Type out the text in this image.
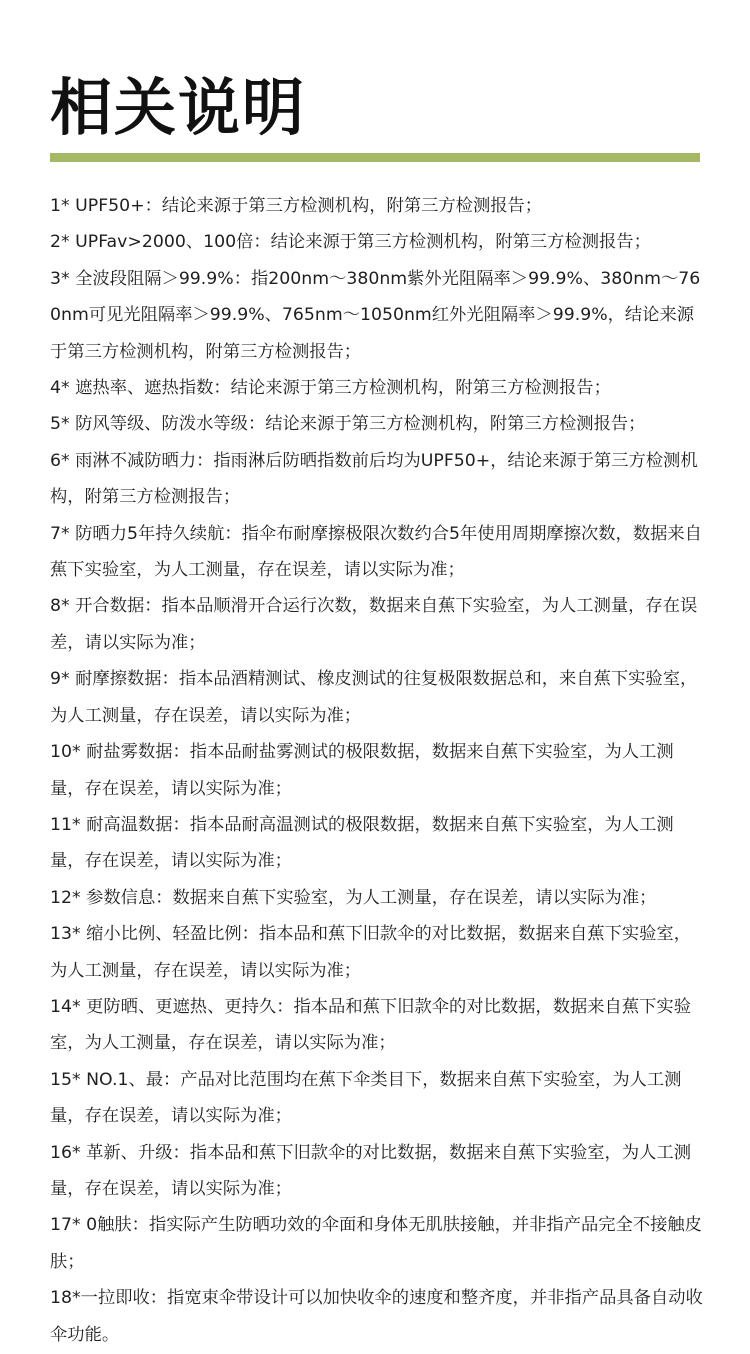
相关说明
1* UPF50+：结论来源于第三方检测机构，附第三方检测报告；
2* UPFav>2000、100倍：结论来源于第三方检测机构，附第三方检测报告；
3* 全波段阻隔＞99.9%：指200nm～380nm紫外光阻隔率＞99.9%、380nm～760nm可见光阻隔率＞99.9%、765nm～1050nm红外光阻隔率＞99.9%，结论来源于第三方检测机构，附第三方检测报告；
4* 遮热率、遮热指数：结论来源于第三方检测机构，附第三方检测报告；
5* 防风等级、防泼水等级：结论来源于第三方检测机构，附第三方检测报告；
6* 雨淋不减防晒力：指雨淋后防晒指数前后均为UPF50+，结论来源于第三方检测机构，附第三方检测报告；
7* 防晒力5年持久续航：指伞布耐摩擦极限次数约合5年使用周期摩擦次数，数据来自蕉下实验室，为人工测量，存在误差，请以实际为准；
8* 开合数据：指本品顺滑开合运行次数，数据来自蕉下实验室，为人工测量，存在误差，请以实际为准；
9* 耐摩擦数据：指本品酒精测试、橡皮测试的往复极限数据总和，来自蕉下实验室，为人工测量，存在误差，请以实际为准；
10* 耐盐雾数据：指本品耐盐雾测试的极限数据，数据来自蕉下实验室，为人工测量，存在误差，请以实际为准；
11* 耐高温数据：指本品耐高温测试的极限数据，数据来自蕉下实验室，为人工测量，存在误差，请以实际为准；
12* 参数信息：数据来自蕉下实验室，为人工测量，存在误差，请以实际为准；
13* 缩小比例、轻盈比例：指本品和蕉下旧款伞的对比数据，数据来自蕉下实验室，为人工测量，存在误差，请以实际为准；
14* 更防晒、更遮热、更持久：指本品和蕉下旧款伞的对比数据，数据来自蕉下实验室，为人工测量，存在误差，请以实际为准；
15* NO.1、最：产品对比范围均在蕉下伞类目下，数据来自蕉下实验室，为人工测量，存在误差，请以实际为准；
16* 革新、升级：指本品和蕉下旧款伞的对比数据，数据来自蕉下实验室，为人工测量，存在误差，请以实际为准；
17* 0触肤：指实际产生防晒功效的伞面和身体无肌肤接触，并非指产品完全不接触皮肤；
18*一拉即收：指宽束伞带设计可以加快收伞的速度和整齐度，并非指产品具备自动收伞功能。
